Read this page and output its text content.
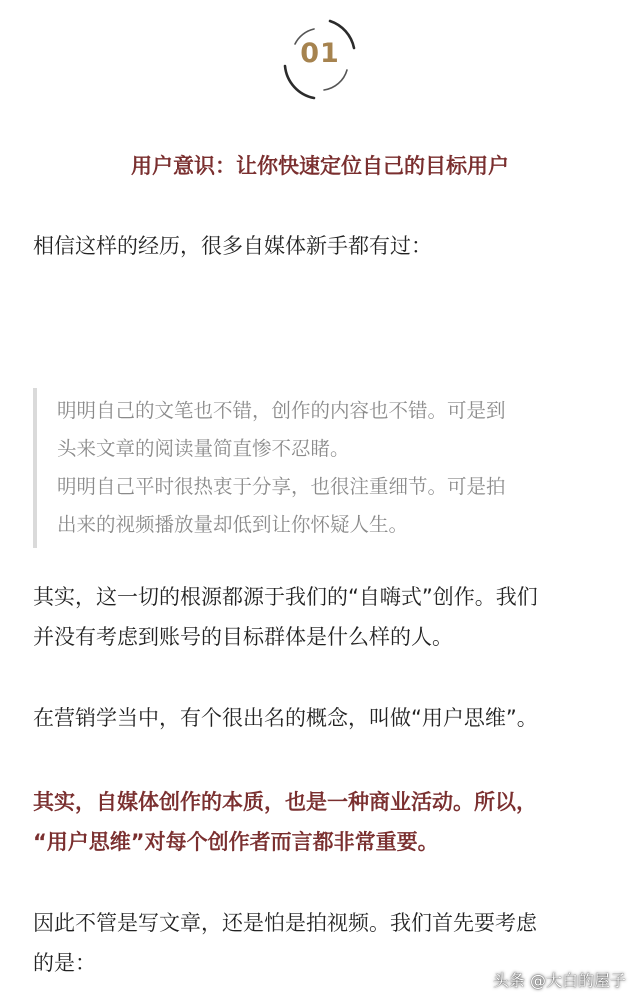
01
用户意识：让你快速定位自己的目标用户
相信这样的经历，很多自媒体新手都有过：
明明自己的文笔也不错，创作的内容也不错。可是到
头来文章的阅读量简直惨不忍睹。
明明自己平时很热衷于分享，也很注重细节。可是拍
出来的视频播放量却低到让你怀疑人生。
其实，这一切的根源都源于我们的“自嗨式”创作。我们
并没有考虑到账号的目标群体是什么样的人。
在营销学当中，有个很出名的概念，叫做“用户思维”。
其实，自媒体创作的本质，也是一种商业活动。所以，
“用户思维”对每个创作者而言都非常重要。
因此不管是写文章，还是怕是拍视频。我们首先要考虑
的是：
头条 @大白的屋子
